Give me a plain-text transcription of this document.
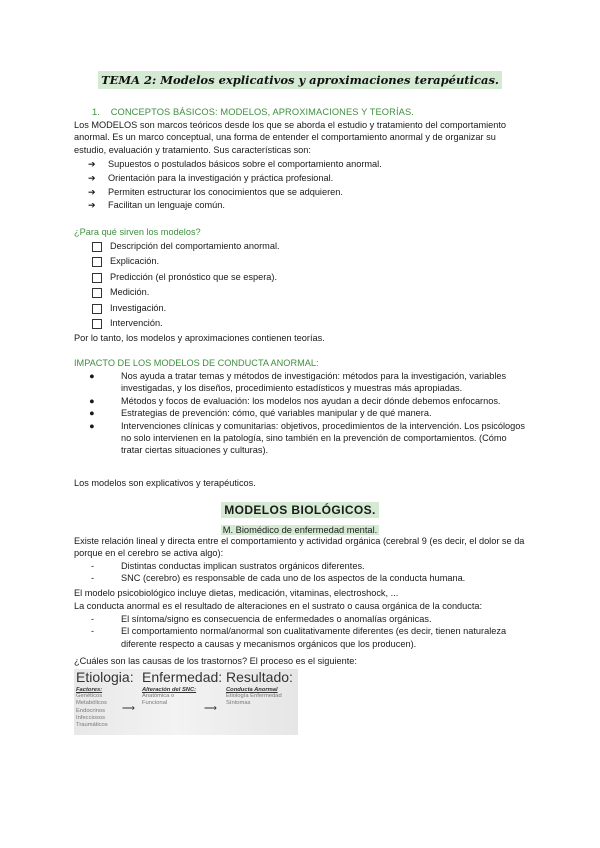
TEMA 2: Modelos explicativos y aproximaciones terapéuticas.
1. CONCEPTOS BÁSICOS: MODELOS, APROXIMACIONES Y TEORÍAS.
Los MODELOS son marcos teóricos desde los que se aborda el estudio y tratamiento del comportamiento anormal. Es un marco conceptual, una forma de entender el comportamiento anormal y de organizar su estudio, evaluación y tratamiento. Sus características son:
➔ Supuestos o postulados básicos sobre el comportamiento anormal.
➔ Orientación para la investigación y práctica profesional.
➔ Permiten estructurar los conocimientos que se adquieren.
➔ Facilitan un lenguaje común.
¿Para qué sirven los modelos?
Descripción del comportamiento anormal.
Explicación.
Predicción (el pronóstico que se espera).
Medición.
Investigación.
Intervención.
Por lo tanto, los modelos y aproximaciones contienen teorías.
IMPACTO DE LOS MODELOS DE CONDUCTA ANORMAL:
●	Nos ayuda a tratar temas y métodos de investigación: métodos para la investigación, variables investigadas, y los diseños, procedimiento estadísticos y muestras más apropiadas.
●	Métodos y focos de evaluación: los modelos nos ayudan a decir dónde debemos enfocarnos.
●	Estrategias de prevención: cómo, qué variables manipular y de qué manera.
●	Intervenciones clínicas y comunitarias: objetivos, procedimientos de la intervención. Los psicólogos no solo intervienen en la patología, sino también en la prevención de comportamientos. (Cómo tratar ciertas situaciones y culturas).
Los modelos son explicativos y terapéuticos.
MODELOS BIOLÓGICOS.
M. Biomédico de enfermedad mental.
Existe relación lineal y directa entre el comportamiento y actividad orgánica (cerebral 9 (es decir, el dolor se da porque en el cerebro se activa algo):
-	Distintas conductas implican sustratos orgánicos diferentes.
-	SNC (cerebro) es responsable de cada uno de los aspectos de la conducta humana.
El modelo psicobiológico incluye dietas, medicación, vitaminas, electroshock, ...
La conducta anormal es el resultado de alteraciones en el sustrato o causa orgánica de la conducta:
-	El síntoma/signo es consecuencia de enfermedades o anomalías orgánicas.
-	El comportamiento normal/anormal son cualitativamente diferentes (es decir, tienen naturaleza diferente respecto a causas y mecanismos orgánicos que los producen).
¿Cuáles son las causas de los trastornos? El proceso es el siguiente:
Etiologia:
Factores:
Genéticos
Metabólicos
Endocrinos
Infecciosos
Traumáticos
⟶
Enfermedad:
Alteración del SNC:
Anatómica o
Funcional	⟶
Resultado:
Conducta Anormal
Etiología Enfermedad
Síntomas
